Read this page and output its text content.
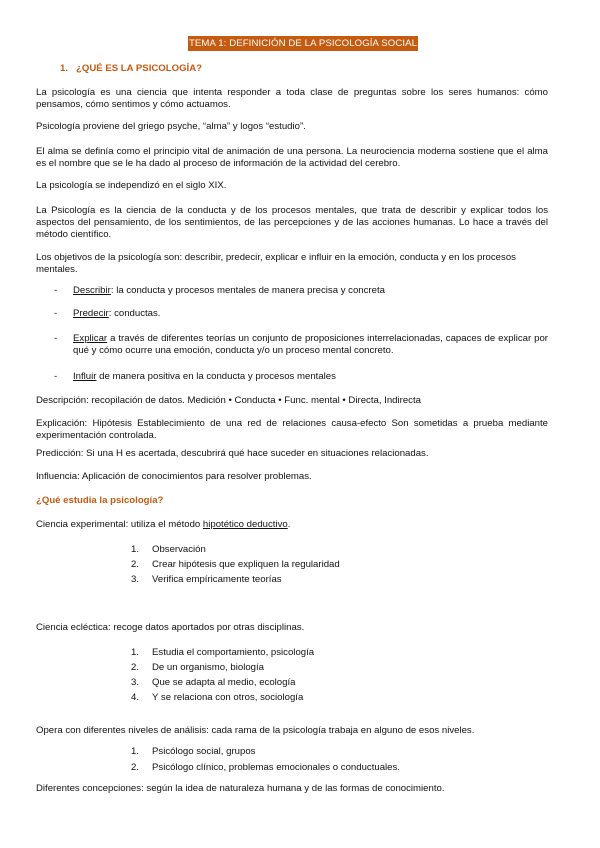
TEMA 1: DEFINICIÓN DE LA PSICOLOGÍA SOCIAL
1. ¿QUÉ ES LA PSICOLOGÍA?

La psicología es una ciencia que intenta responder a toda clase de preguntas sobre los seres humanos: cómo pensamos, cómo sentimos y cómo actuamos.

Psicología proviene del griego psyche, “alma” y logos “estudio”.

El alma se definía como el principio vital de animación de una persona. La neurociencia moderna sostiene que el alma es el nombre que se le ha dado al proceso de información de la actividad del cerebro.

La psicología se independizó en el siglo XIX.

La Psicología es la ciencia de la conducta y de los procesos mentales, que trata de describir y explicar todos los aspectos del pensamiento, de los sentimientos, de las percepciones y de las acciones humanas. Lo hace a través del método científico.

Los objetivos de la psicología son: describir, predecir, explicar e influir en la emoción, conducta y en los procesos mentales.

- Describir: la conducta y procesos mentales de manera precisa y concreta
- Predecir: conductas.
- Explicar a través de diferentes teorías un conjunto de proposiciones interrelacionadas, capaces de explicar por qué y cómo ocurre una emoción, conducta y/o un proceso mental concreto.
- Influir de manera positiva en la conducta y procesos mentales

Descripción: recopilación de datos. Medición • Conducta • Func. mental • Directa, Indirecta

Explicación: Hipótesis Establecimiento de una red de relaciones causa-efecto Son sometidas a prueba mediante experimentación controlada.

Predicción: Si una H es acertada, descubrirá qué hace suceder en situaciones relacionadas.

Influencia: Aplicación de conocimientos para resolver problemas.

¿Qué estudia la psicología?

Ciencia experimental: utiliza el método hipotético deductivo.

1. Observación
2. Crear hipótesis que expliquen la regularidad
3. Verifica empíricamente teorías

Ciencia ecléctica: recoge datos aportados por otras disciplinas.

1. Estudia el comportamiento, psicología
2. De un organismo, biología
3. Que se adapta al medio, ecología
4. Y se relaciona con otros, sociología

Opera con diferentes niveles de análisis: cada rama de la psicología trabaja en alguno de esos niveles.

1. Psicólogo social, grupos
2. Psicólogo clínico, problemas emocionales o conductuales.

Diferentes concepciones: según la idea de naturaleza humana y de las formas de conocimiento.
